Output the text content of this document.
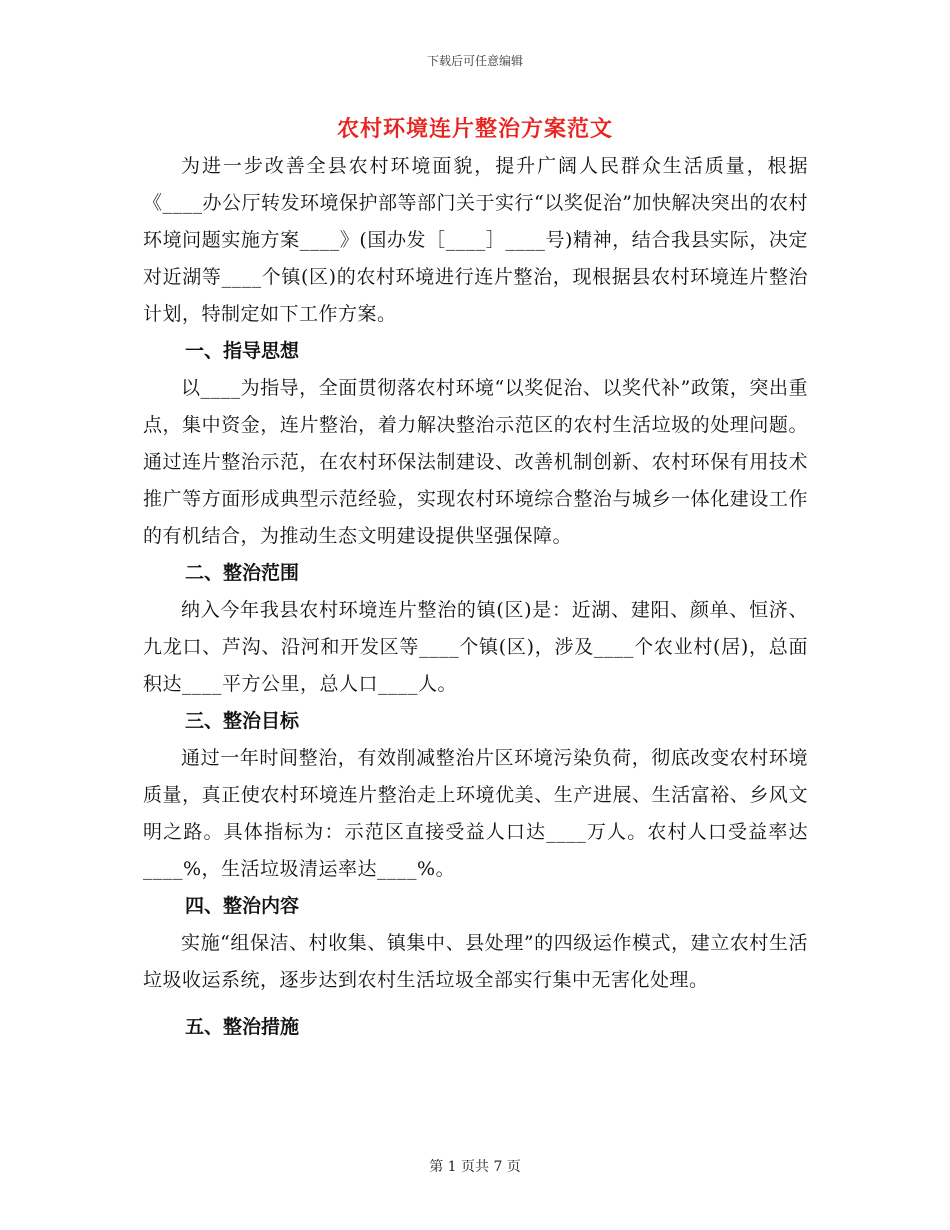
下载后可任意编辑
农村环境连片整治方案范文

为进一步改善全县农村环境面貌，提升广阔人民群众生活质量，根据《____办公厅转发环境保护部等部门关于实行“以奖促治”加快解决突出的农村环境问题实施方案____》(国办发［____］____号)精神，结合我县实际，决定对近湖等____个镇(区)的农村环境进行连片整治，现根据县农村环境连片整治计划，特制定如下工作方案。

一、指导思想

以____为指导，全面贯彻落农村环境“以奖促治、以奖代补”政策，突出重点，集中资金，连片整治，着力解决整治示范区的农村生活垃圾的处理问题。通过连片整治示范，在农村环保法制建设、改善机制创新、农村环保有用技术推广等方面形成典型示范经验，实现农村环境综合整治与城乡一体化建设工作的有机结合，为推动生态文明建设提供坚强保障。

二、整治范围

纳入今年我县农村环境连片整治的镇(区)是：近湖、建阳、颜单、恒济、九龙口、芦沟、沿河和开发区等____个镇(区)，涉及____个农业村(居)，总面积达____平方公里，总人口____人。

三、整治目标

通过一年时间整治，有效削减整治片区环境污染负荷，彻底改变农村环境质量，真正使农村环境连片整治走上环境优美、生产进展、生活富裕、乡风文明之路。具体指标为：示范区直接受益人口达____万人。农村人口受益率达____%，生活垃圾清运率达____%。

四、整治内容

实施“组保洁、村收集、镇集中、县处理”的四级运作模式，建立农村生活垃圾收运系统，逐步达到农村生活垃圾全部实行集中无害化处理。

五、整治措施

第 1 页共 7 页
